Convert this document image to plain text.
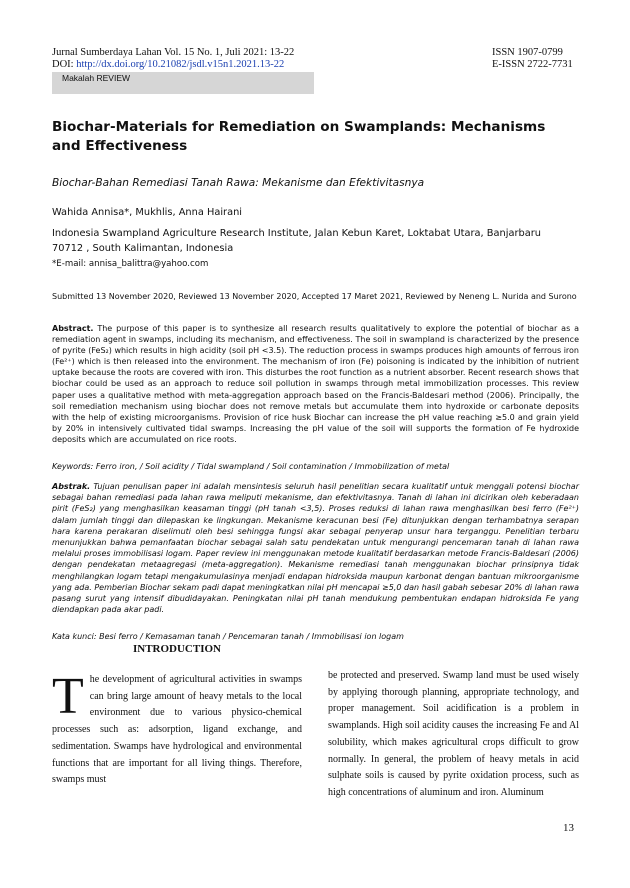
Jurnal Sumberdaya Lahan Vol. 15 No. 1, Juli 2021: 13-22
DOI: http://dx.doi.org/10.21082/jsdl.v15n1.2021.13-22
ISSN 1907-0799
E-ISSN 2722-7731
Makalah REVIEW
Biochar-Materials for Remediation on Swamplands: Mechanisms and Effectiveness
Biochar-Bahan Remediasi Tanah Rawa: Mekanisme dan Efektivitasnya
Wahida Annisa*, Mukhlis, Anna Hairani
Indonesia Swampland Agriculture Research Institute, Jalan Kebun Karet, Loktabat Utara, Banjarbaru 70712 , South Kalimantan, Indonesia
*E-mail: annisa_balittra@yahoo.com
Submitted 13 November 2020, Reviewed 13 November 2020, Accepted 17 Maret 2021, Reviewed by Neneng L. Nurida and Surono
Abstract. The purpose of this paper is to synthesize all research results qualitatively to explore the potential of biochar as a remediation agent in swamps, including its mechanism, and effectiveness. The soil in swampland is characterized by the presence of pyrite (FeS₂) which results in high acidity (soil pH <3.5). The reduction process in swamps produces high amounts of ferrous iron (Fe²⁺) which is then released into the environment. The mechanism of iron (Fe) poisoning is indicated by the inhibition of nutrient uptake because the roots are covered with iron. This disturbes the root function as a nutrient absorber. Recent research shows that biochar could be used as an approach to reduce soil pollution in swamps through metal immobilization processes. This review paper uses a qualitative method with meta-aggregation approach based on the Francis-Baldesari method (2006). Principally, the soil remediation mechanism using biochar does not remove metals but accumulate them into hydroxide or carbonate deposits with the help of existing microorganisms. Provision of rice husk Biochar can increase the pH value reaching ≥5.0 and grain yield by 20% in intensively cultivated tidal swamps. Increasing the pH value of the soil will supports the formation of Fe hydroxide deposits which are accumulated on rice roots.
Keywords: Ferro iron, / Soil acidity / Tidal swampland / Soil contamination / Immobilization of metal
Abstrak. Tujuan penulisan paper ini adalah mensintesis seluruh hasil penelitian secara kualitatif untuk menggali potensi biochar sebagai bahan remediasi pada lahan rawa meliputi mekanisme, dan efektivitasnya. Tanah di lahan ini dicirikan oleh keberadaan pirit (FeS₂) yang menghasilkan keasaman tinggi (pH tanah <3,5). Proses reduksi di lahan rawa menghasilkan besi ferro (Fe²⁺) dalam jumlah tinggi dan dilepaskan ke lingkungan. Mekanisme keracunan besi (Fe) ditunjukkan dengan terhambatnya serapan hara karena perakaran diselimuti oleh besi sehingga fungsi akar sebagai penyerap unsur hara terganggu. Penelitian terbaru menunjukkan bahwa pemanfaatan biochar sebagai salah satu pendekatan untuk mengurangi pencemaran tanah di lahan rawa melalui proses immobilisasi logam. Paper review ini menggunakan metode kualitatif berdasarkan metode Francis-Baldesari (2006) dengan pendekatan metaagregasi (meta-aggregation). Mekanisme remediasi tanah menggunakan biochar prinsipnya tidak menghilangkan logam tetapi mengakumulasinya menjadi endapan hidroksida maupun karbonat dengan bantuan mikroorganisme yang ada. Pemberian Biochar sekam padi dapat meningkatkan nilai pH mencapai ≥5,0 dan hasil gabah sebesar 20% di lahan rawa pasang surut yang intensif dibudidayakan. Peningkatan nilai pH tanah mendukung pembentukan endapan hidroksida Fe yang diendapkan pada akar padi.
Kata kunci: Besi ferro / Kemasaman tanah / Pencemaran tanah / Immobilisasi ion logam
INTRODUCTION
The development of agricultural activities in swamps can bring large amount of heavy metals to the local environment due to various physico-chemical processes such as: adsorption, ligand exchange, and sedimentation. Swamps have hydrological and environmental functions that are important for all living things. Therefore, swamps must
be protected and preserved. Swamp land must be used wisely by applying thorough planning, appropriate technology, and proper management. Soil acidification is a problem in swamplands. High soil acidity causes the increasing Fe and Al solubility, which makes agricultural crops difficult to grow normally. In general, the problem of heavy metals in acid sulphate soils is caused by pyrite oxidation process, such as high concentrations of aluminum and iron. Aluminum
13
